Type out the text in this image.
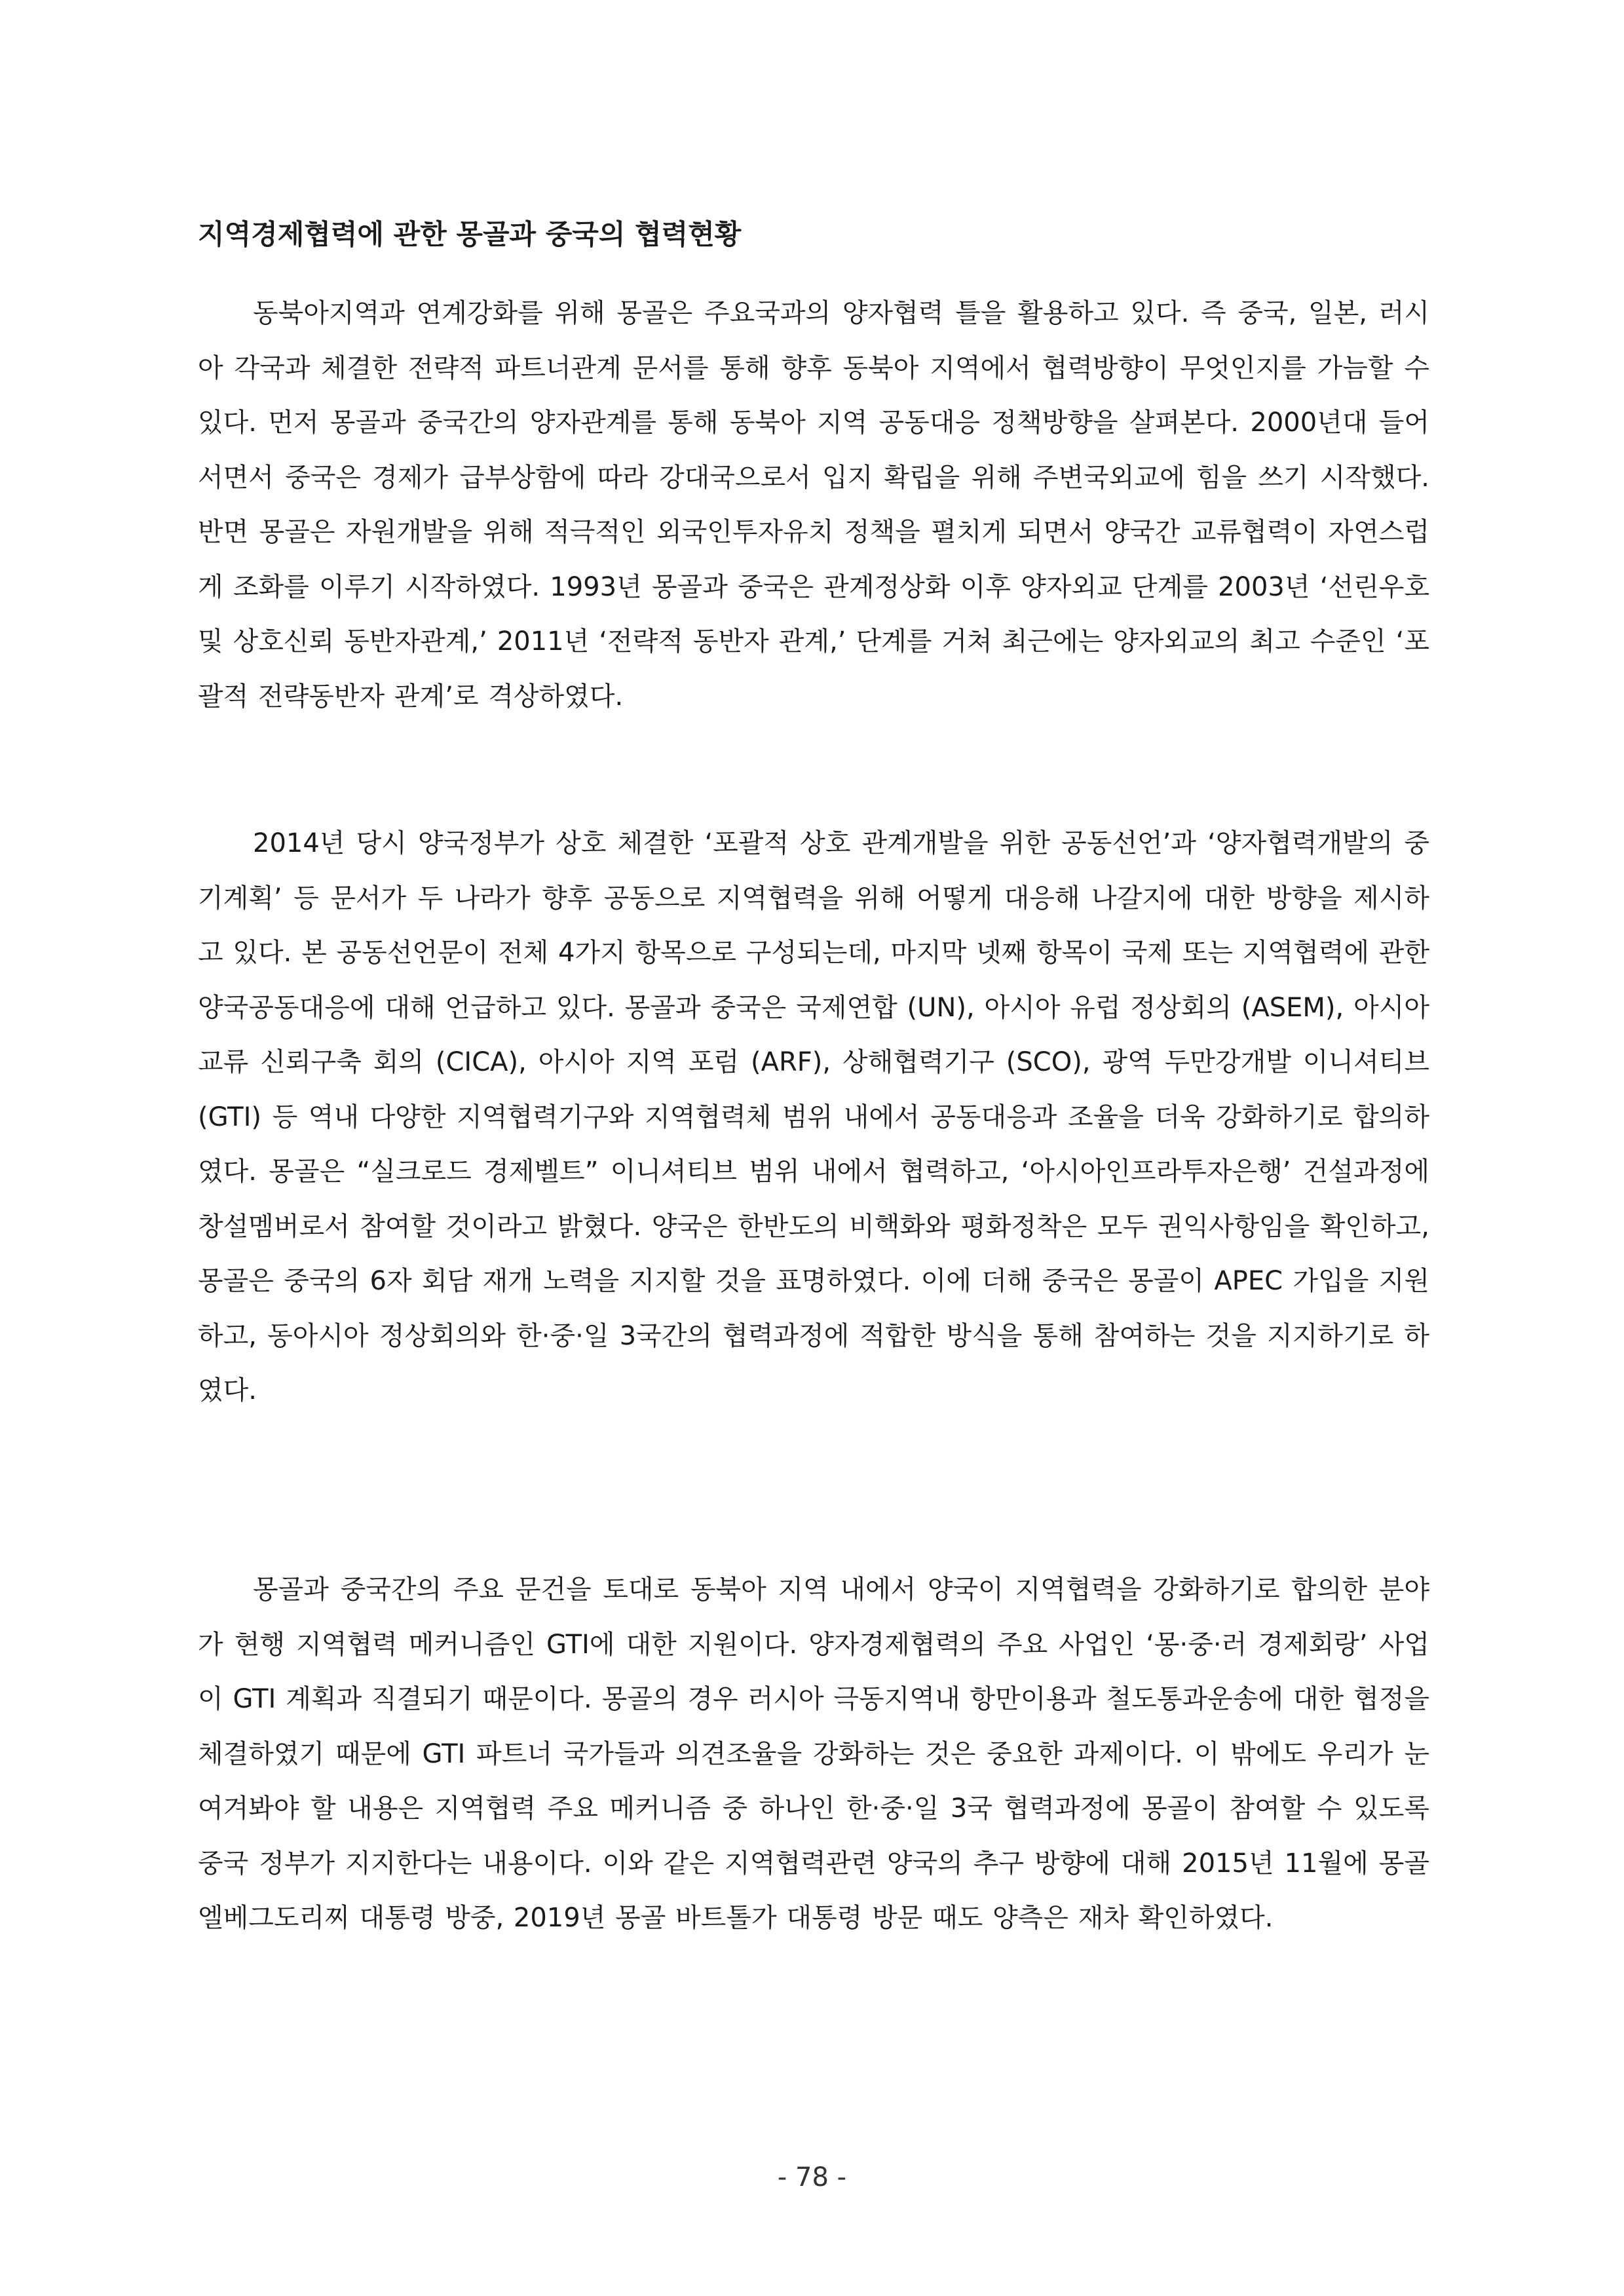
지역경제협력에 관한 몽골과 중국의 협력현황

동북아지역과 연계강화를 위해 몽골은 주요국과의 양자협력 틀을 활용하고 있다. 즉 중국, 일본, 러시아 각국과 체결한 전략적 파트너관계 문서를 통해 향후 동북아 지역에서 협력방향이 무엇인지를 가늠할 수 있다. 먼저 몽골과 중국간의 양자관계를 통해 동북아 지역 공동대응 정책방향을 살펴본다. 2000년대 들어서면서 중국은 경제가 급부상함에 따라 강대국으로서 입지 확립을 위해 주변국외교에 힘을 쓰기 시작했다. 반면 몽골은 자원개발을 위해 적극적인 외국인투자유치 정책을 펼치게 되면서 양국간 교류협력이 자연스럽게 조화를 이루기 시작하였다. 1993년 몽골과 중국은 관계정상화 이후 양자외교 단계를 2003년 ‘선린우호 및 상호신뢰 동반자관계,’ 2011년 ‘전략적 동반자 관계,’ 단계를 거쳐 최근에는 양자외교의 최고 수준인 ‘포괄적 전략동반자 관계’로 격상하였다.

2014년 당시 양국정부가 상호 체결한 ‘포괄적 상호 관계개발을 위한 공동선언’과 ‘양자협력개발의 중기계획’ 등 문서가 두 나라가 향후 공동으로 지역협력을 위해 어떻게 대응해 나갈지에 대한 방향을 제시하고 있다. 본 공동선언문이 전체 4가지 항목으로 구성되는데, 마지막 넷째 항목이 국제 또는 지역협력에 관한 양국공동대응에 대해 언급하고 있다. 몽골과 중국은 국제연합 (UN), 아시아 유럽 정상회의 (ASEM), 아시아 교류 신뢰구축 회의 (CICA), 아시아 지역 포럼 (ARF), 상해협력기구 (SCO), 광역 두만강개발 이니셔티브 (GTI) 등 역내 다양한 지역협력기구와 지역협력체 범위 내에서 공동대응과 조율을 더욱 강화하기로 합의하였다. 몽골은 “실크로드 경제벨트” 이니셔티브 범위 내에서 협력하고, ‘아시아인프라투자은행’ 건설과정에 창설멤버로서 참여할 것이라고 밝혔다. 양국은 한반도의 비핵화와 평화정착은 모두 권익사항임을 확인하고, 몽골은 중국의 6자 회담 재개 노력을 지지할 것을 표명하였다. 이에 더해 중국은 몽골이 APEC 가입을 지원하고, 동아시아 정상회의와 한·중·일 3국간의 협력과정에 적합한 방식을 통해 참여하는 것을 지지하기로 하였다.

몽골과 중국간의 주요 문건을 토대로 동북아 지역 내에서 양국이 지역협력을 강화하기로 합의한 분야가 현행 지역협력 메커니즘인 GTI에 대한 지원이다. 양자경제협력의 주요 사업인 ‘몽·중·러 경제회랑’ 사업이 GTI 계획과 직결되기 때문이다. 몽골의 경우 러시아 극동지역내 항만이용과 철도통과운송에 대한 협정을 체결하였기 때문에 GTI 파트너 국가들과 의견조율을 강화하는 것은 중요한 과제이다. 이 밖에도 우리가 눈 여겨봐야 할 내용은 지역협력 주요 메커니즘 중 하나인 한·중·일 3국 협력과정에 몽골이 참여할 수 있도록 중국 정부가 지지한다는 내용이다. 이와 같은 지역협력관련 양국의 추구 방향에 대해 2015년 11월에 몽골 엘베그도리찌 대통령 방중, 2019년 몽골 바트톨가 대통령 방문 때도 양측은 재차 확인하였다.

- 78 -
